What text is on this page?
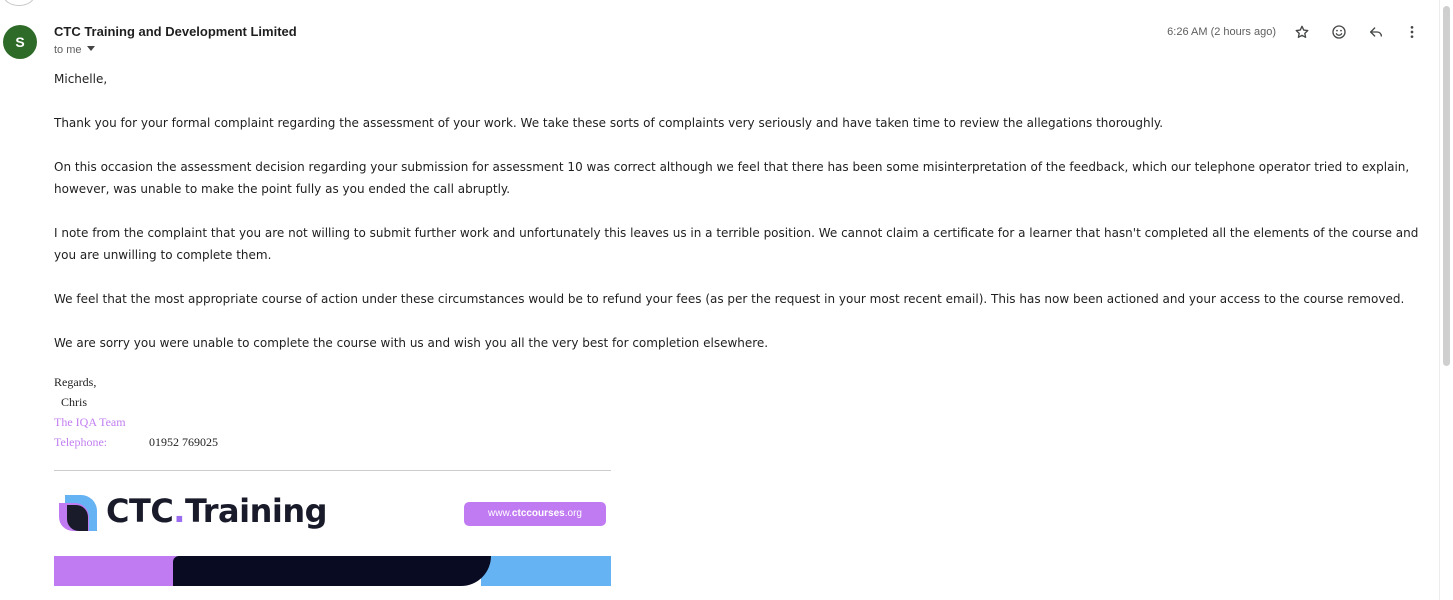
S
CTC Training and Development Limited
to me
6:26 AM (2 hours ago)

Michelle,

Thank you for your formal complaint regarding the assessment of your work. We take these sorts of complaints very seriously and have taken time to review the allegations thoroughly.

On this occasion the assessment decision regarding your submission for assessment 10 was correct although we feel that there has been some misinterpretation of the feedback, which our telephone operator tried to explain, however, was unable to make the point fully as you ended the call abruptly.

I note from the complaint that you are not willing to submit further work and unfortunately this leaves us in a terrible position. We cannot claim a certificate for a learner that hasn't completed all the elements of the course and you are unwilling to complete them.

We feel that the most appropriate course of action under these circumstances would be to refund your fees (as per the request in your most recent email). This has now been actioned and your access to the course removed.

We are sorry you were unable to complete the course with us and wish you all the very best for completion elsewhere.

Regards,
Chris
The IQA Team
Telephone:	01952 769025
CTC.Training	www.ctccourses.org
